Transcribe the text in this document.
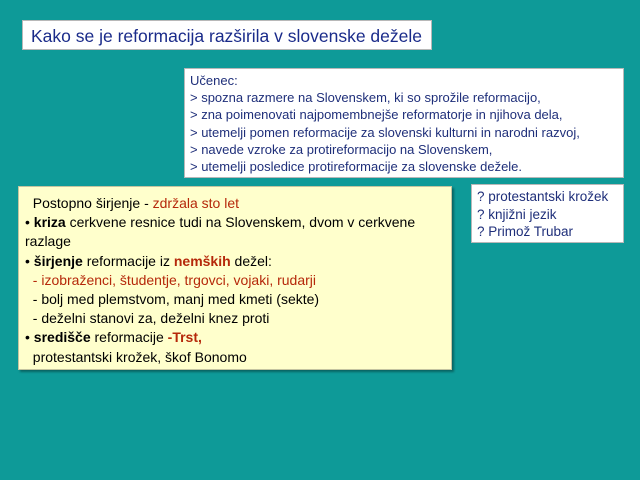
Kako se je reformacija razširila v slovenske dežele
Učenec:
> spozna razmere na Slovenskem, ki so sprožile reformacijo,
> zna poimenovati najpomembnejše reformatorje in njihova dela,
> utemelji pomen reformacije za slovenski kulturni in narodni razvoj,
> navede vzroke za protireformacijo na Slovenskem,
> utemelji posledice protireformacije za slovenske dežele.
Postopno širjenje - zdržala sto let
• kriza cerkvene resnice tudi na Slovenskem, dvom v cerkvene razlage
• širjenje reformacije iz nemških dežel:
- izobraženci, študentje, trgovci, vojaki, rudarji
- bolj med plemstvom, manj med kmeti (sekte)
- deželni stanovi za, deželni knez proti
• središče reformacije -Trst,
protestantski krožek, škof Bonomo
? protestantski krožek
? knjižni jezik
? Primož Trubar
